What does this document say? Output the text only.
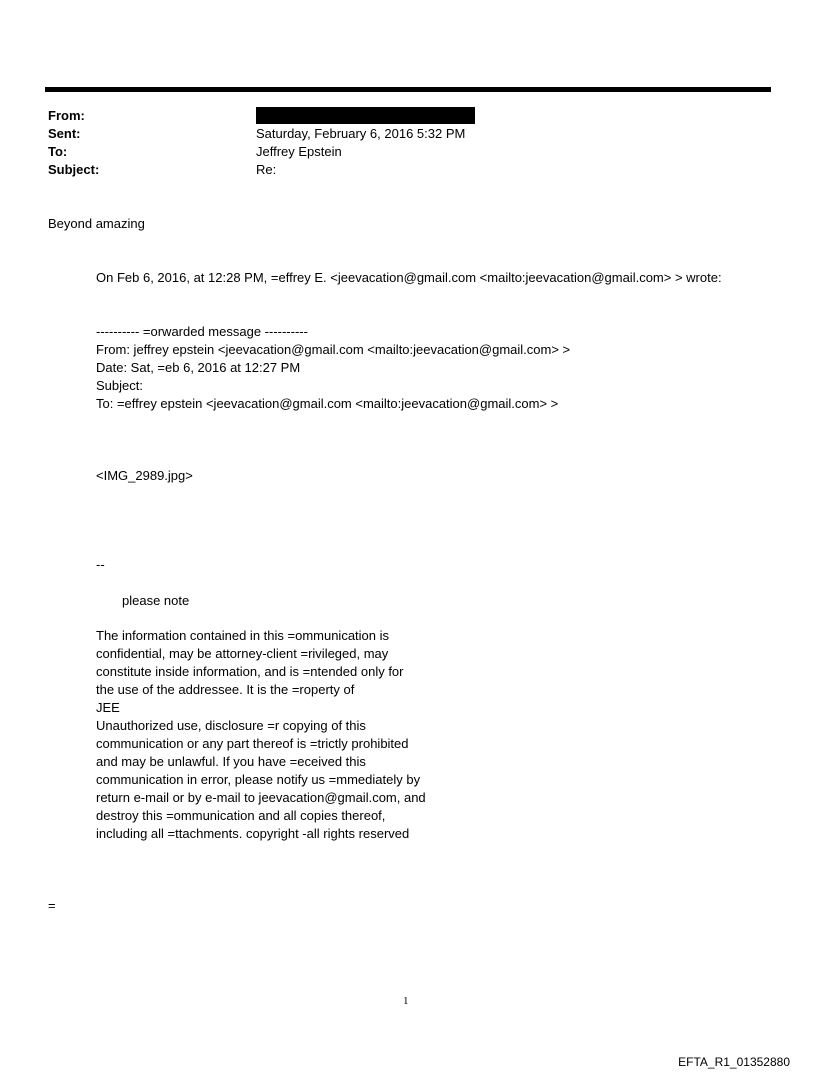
From:
Sent:	Saturday, February 6, 2016 5:32 PM
To:	Jeffrey Epstein
Subject:	Re:
Beyond amazing
On Feb 6, 2016, at 12:28 PM, =effrey E. <jeevacation@gmail.com <mailto:jeevacation@gmail.com> > wrote:
---------- =orwarded message ----------
From: jeffrey epstein <jeevacation@gmail.com <mailto:jeevacation@gmail.com> >
Date: Sat, =eb 6, 2016 at 12:27 PM
Subject:
To: =effrey epstein <jeevacation@gmail.com <mailto:jeevacation@gmail.com> >
<IMG_2989.jpg>
--
please note
The information contained in this =ommunication is
confidential, may be attorney-client =rivileged, may
constitute inside information, and is =ntended only for
the use of the addressee. It is the =roperty of
JEE
Unauthorized use, disclosure =r copying of this
communication or any part thereof is =trictly prohibited
and may be unlawful. If you have =eceived this
communication in error, please notify us =mmediately by
return e-mail or by e-mail to jeevacation@gmail.com, and
destroy this =ommunication and all copies thereof,
including all =ttachments. copyright -all rights reserved
=
1
EFTA_R1_01352880
